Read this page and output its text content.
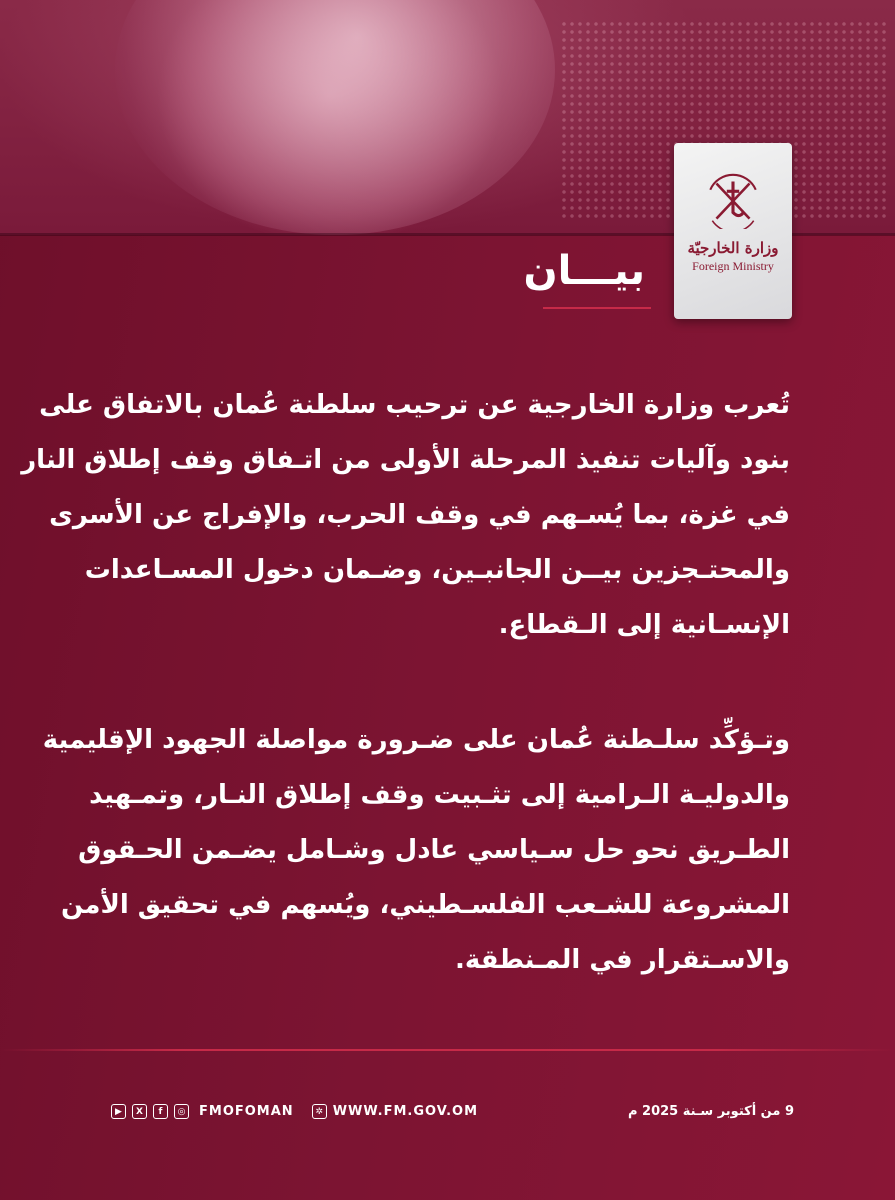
وزارة الخارجيّة
Foreign Ministry
بيـــان
تُعرب وزارة الخارجية عن ترحيب سلطنة عُمان بالاتفاق على
بنود وآليات تنفيذ المرحلة الأولى من اتـفاق وقف إطلاق النار
في غزة، بما يُسـهم في وقف الحرب، والإفراج عن الأسرى
والمحتـجزين بيــن الجانبـين، وضـمان دخول المسـاعدات
الإنسـانية إلى الـقطاع.
وتـؤكِّد سلـطنة عُمان على ضـرورة مواصلة الجهود الإقليمية
والدوليـة الـرامية إلى تثـبيت وقف إطلاق النـار، وتمـهيد
الطـريق نحو حل سـياسي عادل وشـامل يضـمن الحـقوق
المشروعة للشـعب الفلسـطيني، ويُسهم في تحقيق الأمن
والاسـتقرار في المـنطقة.
▶	X	f	◎ FMOFOMAN	✲ WWW.FM.GOV.OM	9 من أكتوبر سـنة 2025 م
